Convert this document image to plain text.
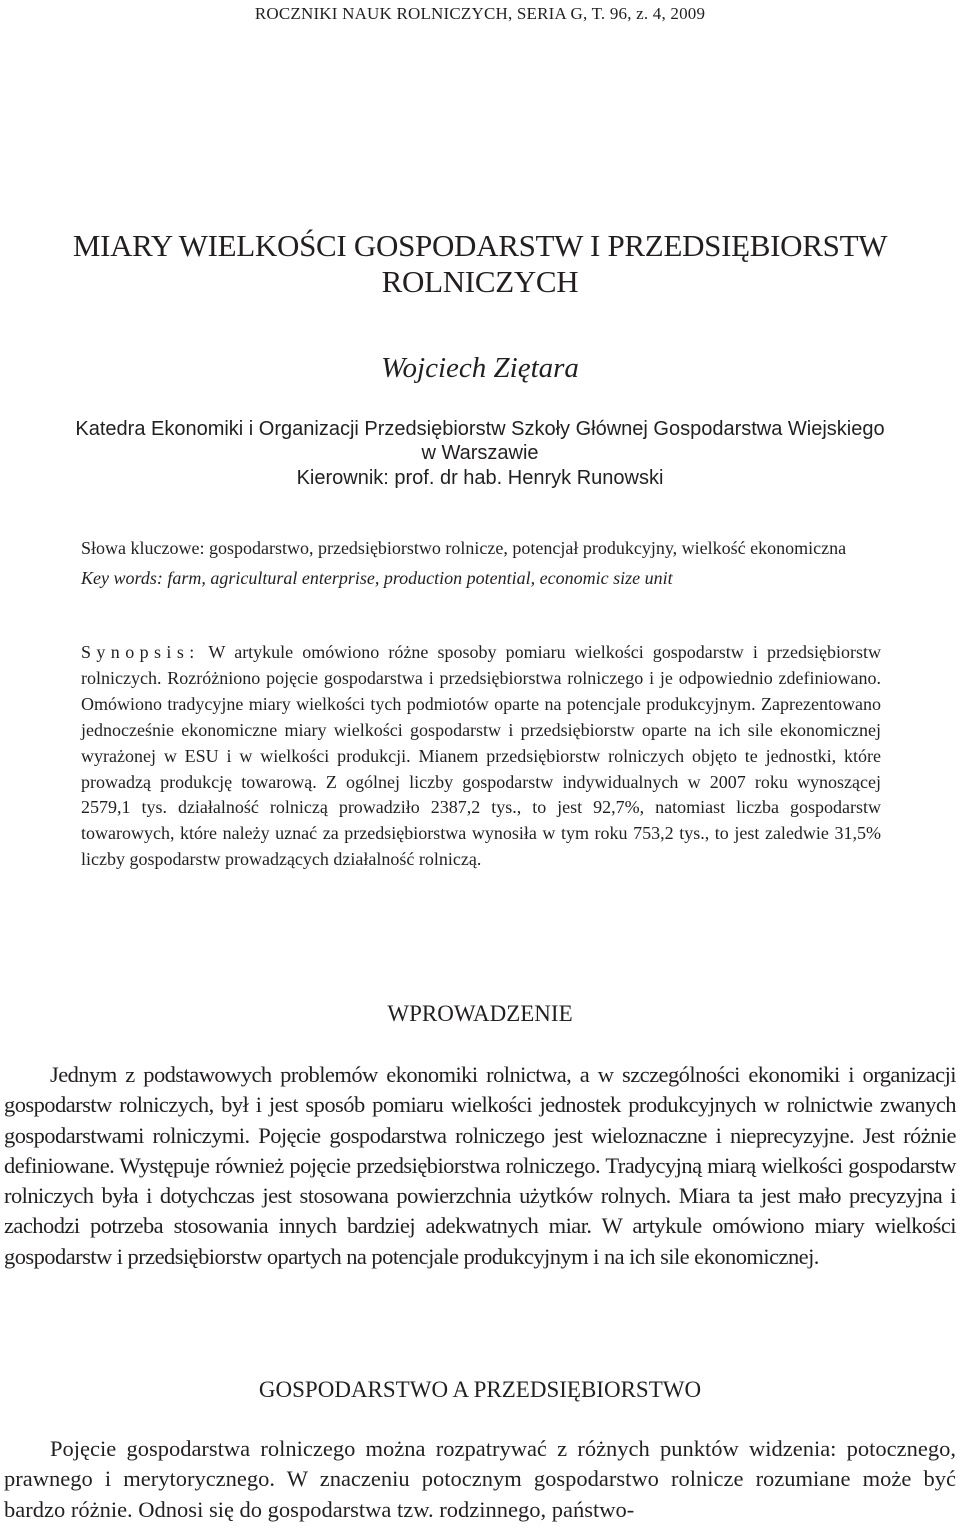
ROCZNIKI NAUK ROLNICZYCH, SERIA G, T. 96, z. 4, 2009
MIARY WIELKOŚCI GOSPODARSTW I PRZEDSIĘBIORSTW
ROLNICZYCH
Wojciech Ziętara
Katedra Ekonomiki i Organizacji Przedsiębiorstw Szkoły Głównej Gospodarstwa Wiejskiego
w Warszawie
Kierownik: prof. dr hab. Henryk Runowski

Słowa kluczowe: gospodarstwo, przedsiębiorstwo rolnicze, potencjał produkcyjny, wielkość ekonomiczna

Key words: farm, agricultural enterprise, production potential, economic size unit

Synopsis: W artykule omówiono różne sposoby pomiaru wielkości gospodarstw i przedsiębiorstw rolniczych. Rozróżniono pojęcie gospodarstwa i przedsiębiorstwa rolniczego i je odpowiednio zdefiniowano. Omówiono tradycyjne miary wielkości tych podmiotów oparte na potencjale produkcyjnym. Zaprezentowano jednocześnie ekonomiczne miary wielkości gospodarstw i przedsiębiorstw oparte na ich sile ekonomicznej wyrażonej w ESU i w wielkości produkcji. Mianem przedsiębiorstw rolniczych objęto te jednostki, które prowadzą produkcję towarową. Z ogólnej liczby gospodarstw indywidualnych w 2007 roku wynoszącej 2579,1 tys. działalność rolniczą prowadziło 2387,2 tys., to jest 92,7%, natomiast liczba gospodarstw towarowych, które należy uznać za przedsiębiorstwa wynosiła w tym roku 753,2 tys., to jest zaledwie 31,5% liczby gospodarstw prowadzących działalność rolniczą.
WPROWADZENIE
Jednym z podstawowych problemów ekonomiki rolnictwa, a w szczególności ekonomiki i organizacji gospodarstw rolniczych, był i jest sposób pomiaru wielkości jednostek produkcyjnych w rolnictwie zwanych gospodarstwami rolniczymi. Pojęcie gospodarstwa rolniczego jest wieloznaczne i nieprecyzyjne. Jest różnie definiowane. Występuje również pojęcie przedsiębiorstwa rolniczego. Tradycyjną miarą wielkości gospodarstw rolniczych była i dotychczas jest stosowana powierzchnia użytków rolnych. Miara ta jest mało precyzyjna i zachodzi potrzeba stosowania innych bardziej adekwatnych miar. W artykule omówiono miary wielkości gospodarstw i przedsiębiorstw opartych na potencjale produkcyjnym i na ich sile ekonomicznej.
GOSPODARSTWO A PRZEDSIĘBIORSTWO
Pojęcie gospodarstwa rolniczego można rozpatrywać z różnych punktów widzenia: potocznego, prawnego i merytorycznego. W znaczeniu potocznym gospodarstwo rolnicze rozumiane może być bardzo różnie. Odnosi się do gospodarstwa tzw. rodzinnego, państwo-
